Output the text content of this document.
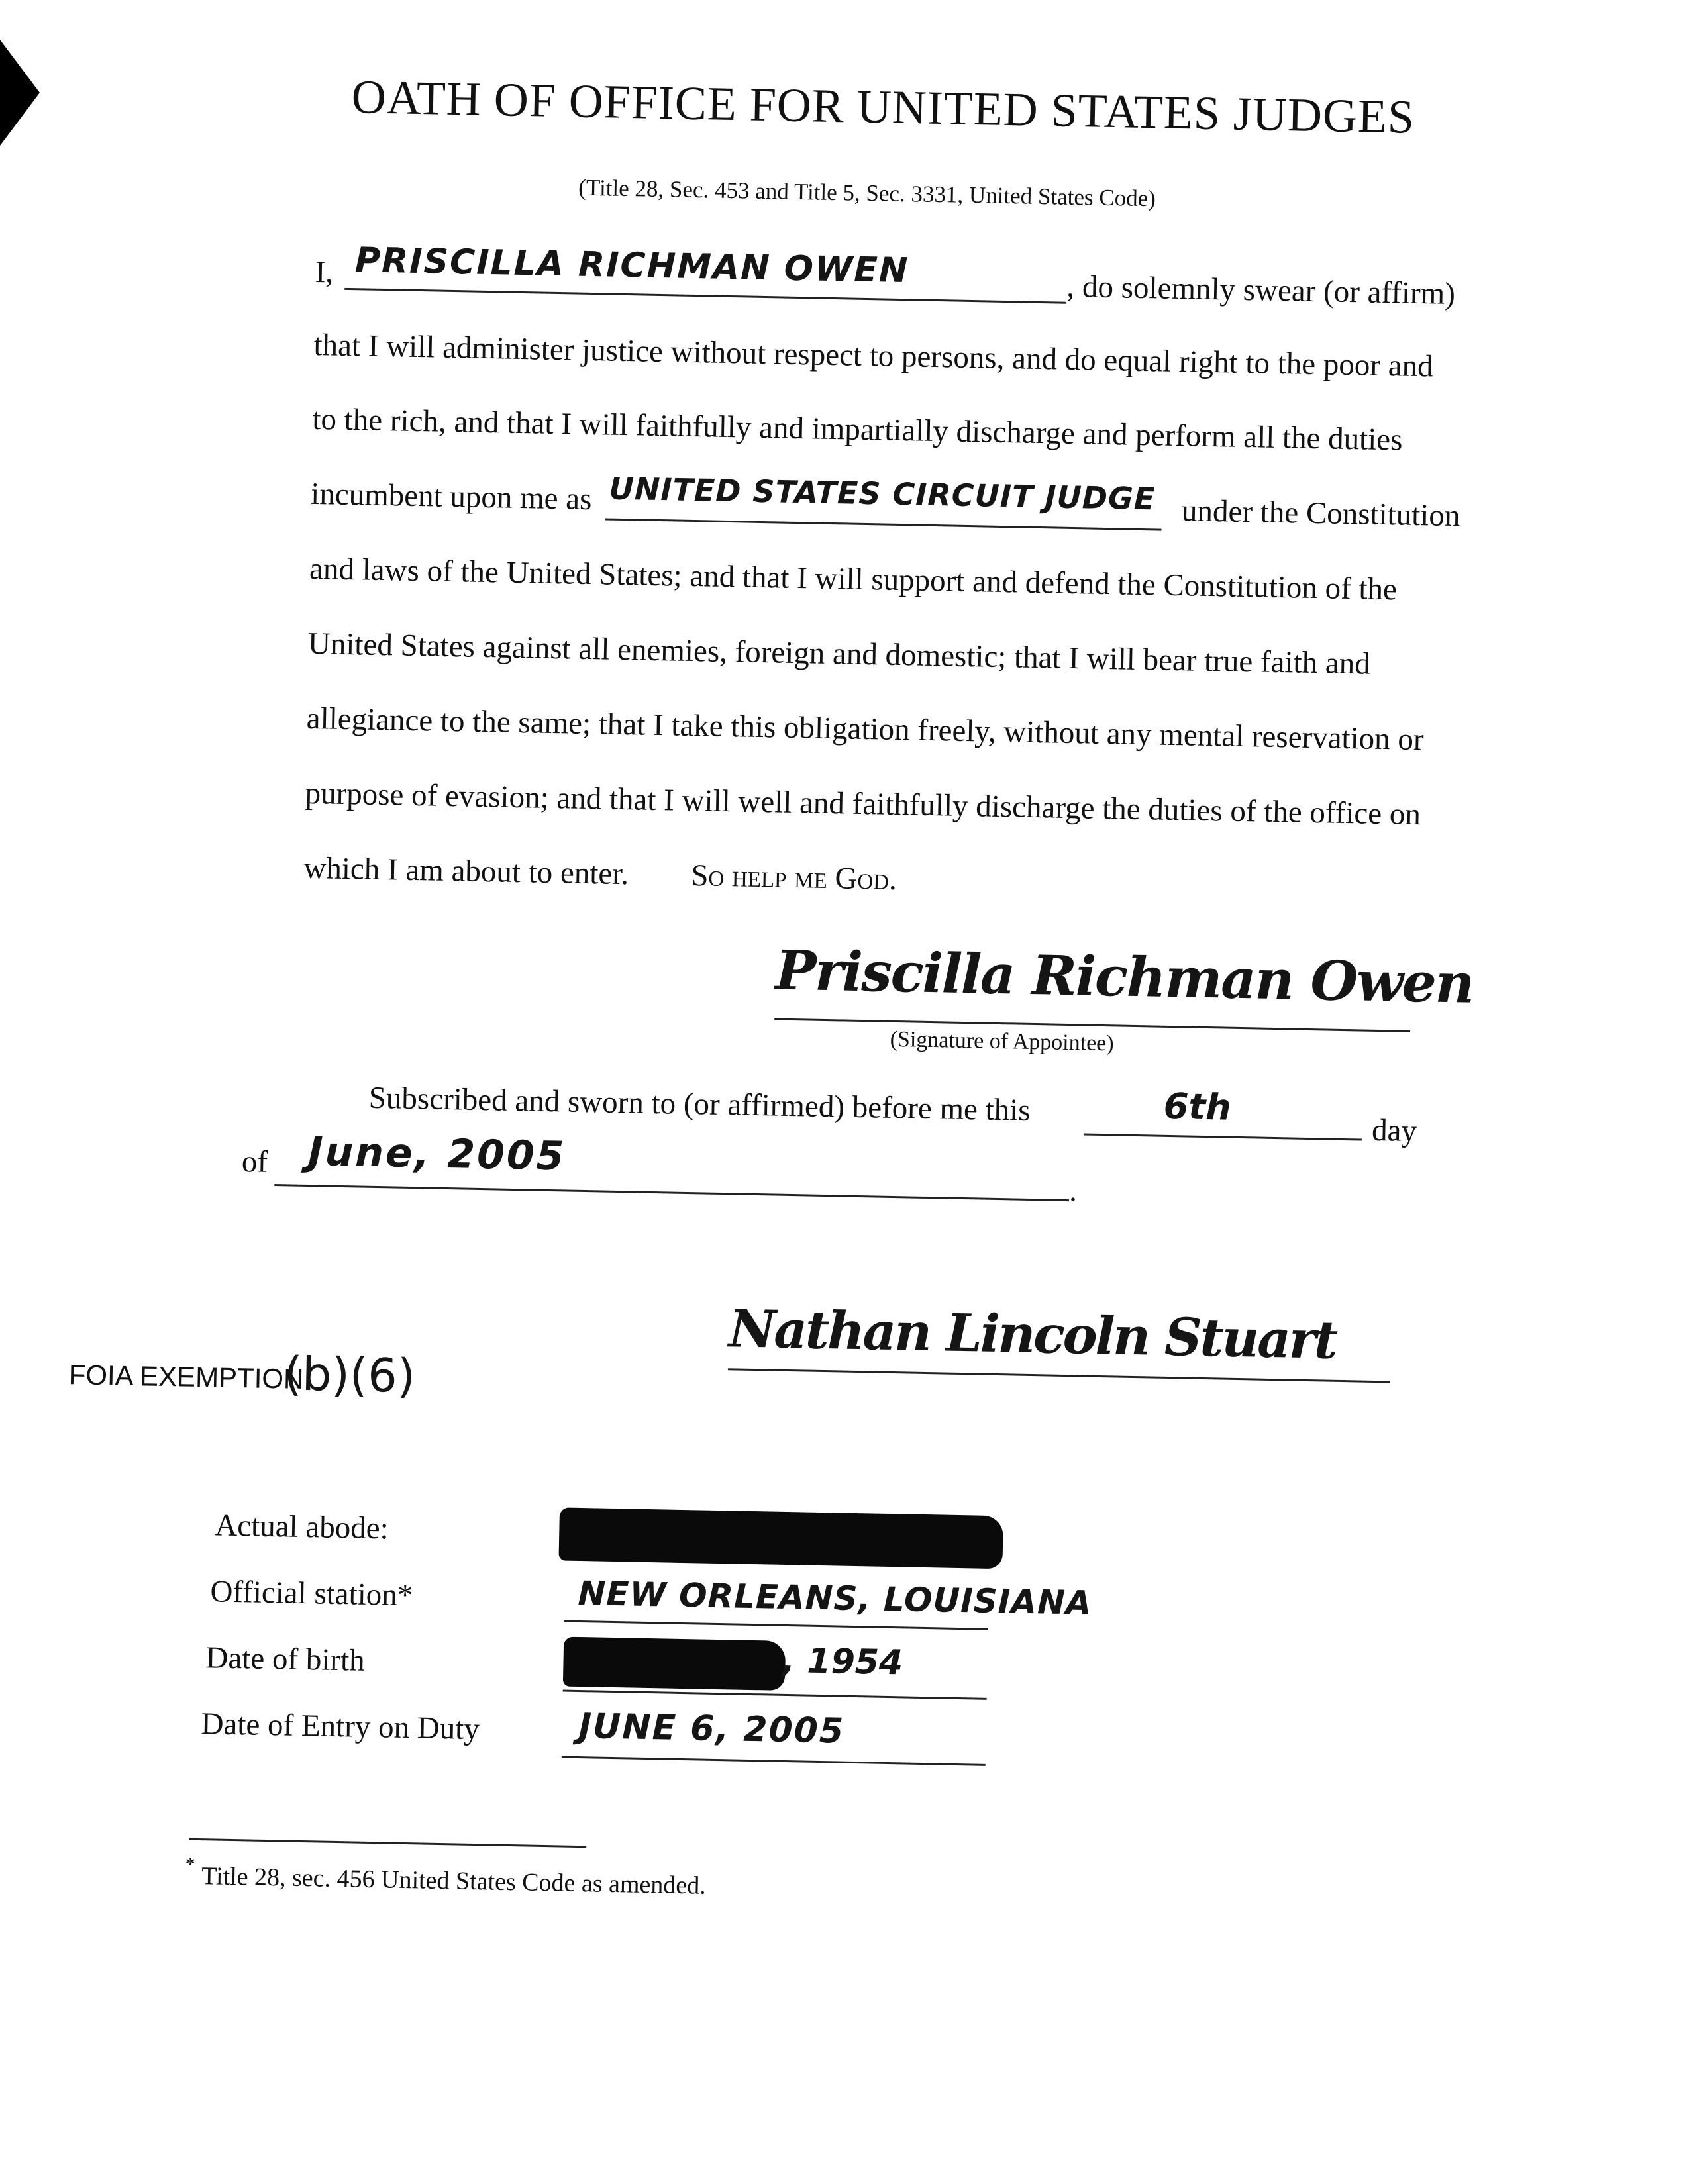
OATH OF OFFICE FOR UNITED STATES JUDGES
(Title 28, Sec. 453 and Title 5, Sec. 3331, United States Code)
I, PRISCILLA RICHMAN OWEN	, do solemnly swear (or affirm)
that I will administer justice without respect to persons, and do equal right to the poor and
to the rich, and that I will faithfully and impartially discharge and perform all the duties
incumbent upon me as UNITED STATES CIRCUIT JUDGE under the Constitution
and laws of the United States; and that I will support and defend the Constitution of the
United States against all enemies, foreign and domestic; that I will bear true faith and
allegiance to the same; that I take this obligation freely, without any mental reservation or
purpose of evasion; and that I will well and faithfully discharge the duties of the office on
which I am about to enter. So help me God.
Priscilla Richman Owen
(Signature of Appointee)
Subscribed and sworn to (or affirmed) before me this	6th
day
of June, 2005
.
Nathan Lincoln Stuart
FOIA EXEMPTION
(b)(6)
Actual abode:
Official station*	NEW ORLEANS, LOUISIANA
Date of birth	, 1954
Date of Entry on Duty	JUNE 6, 2005
* Title 28, sec. 456 United States Code as amended.
